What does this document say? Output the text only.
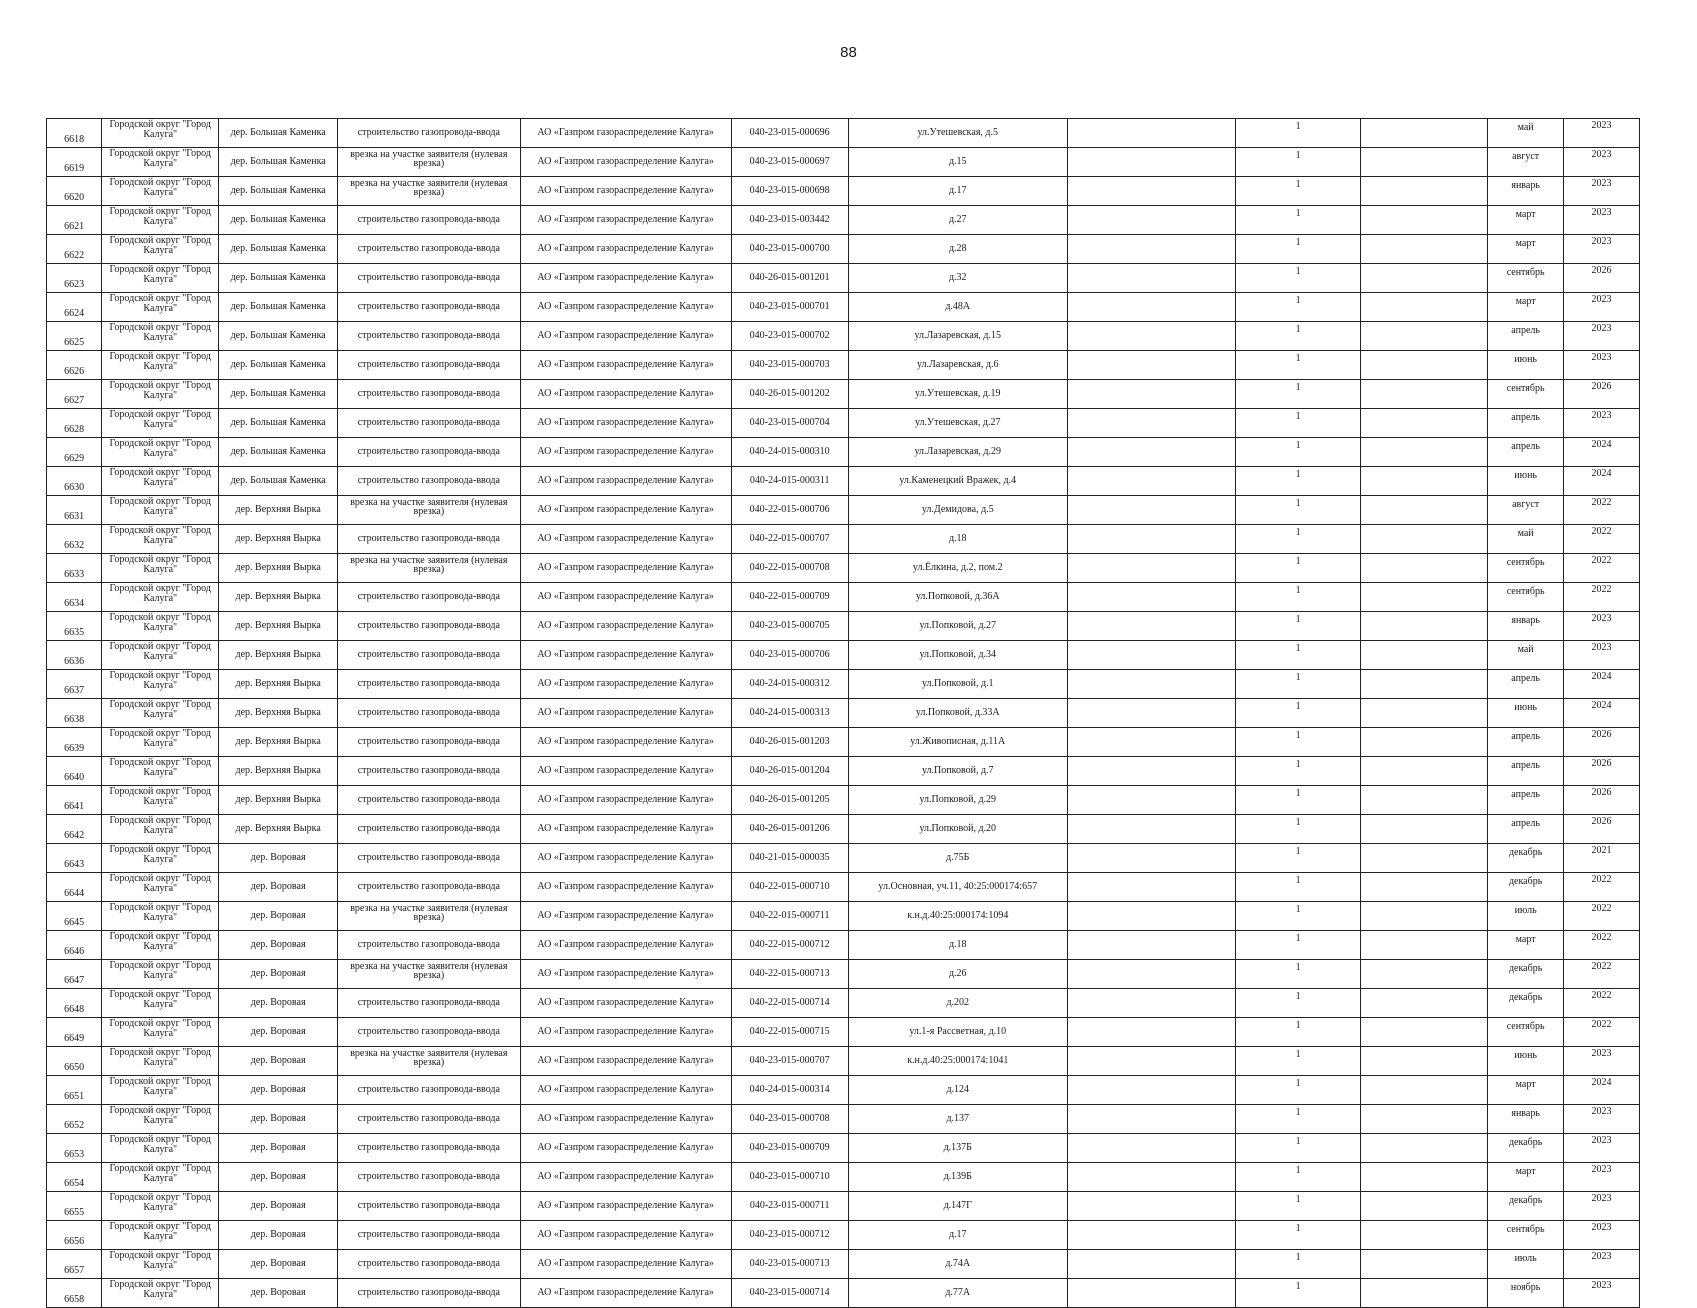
88
6618	Городской округ "Город Калуга"	дер. Большая Каменка	строительство газопровода-ввода	АО «Газпром газораспределение Калуга»	040-23-015-000696	ул.Утешевская, д.5		1		май	2023
6619	Городской округ "Город Калуга"	дер. Большая Каменка	врезка на участке заявителя (нулевая врезка)	АО «Газпром газораспределение Калуга»	040-23-015-000697	д.15		1		август	2023
6620	Городской округ "Город Калуга"	дер. Большая Каменка	врезка на участке заявителя (нулевая врезка)	АО «Газпром газораспределение Калуга»	040-23-015-000698	д.17		1		январь	2023
6621	Городской округ "Город Калуга"	дер. Большая Каменка	строительство газопровода-ввода	АО «Газпром газораспределение Калуга»	040-23-015-003442	д.27		1		март	2023
6622	Городской округ "Город Калуга"	дер. Большая Каменка	строительство газопровода-ввода	АО «Газпром газораспределение Калуга»	040-23-015-000700	д.28		1		март	2023
6623	Городской округ "Город Калуга"	дер. Большая Каменка	строительство газопровода-ввода	АО «Газпром газораспределение Калуга»	040-26-015-001201	д.32		1		сентябрь	2026
6624	Городской округ "Город Калуга"	дер. Большая Каменка	строительство газопровода-ввода	АО «Газпром газораспределение Калуга»	040-23-015-000701	д.48А		1		март	2023
6625	Городской округ "Город Калуга"	дер. Большая Каменка	строительство газопровода-ввода	АО «Газпром газораспределение Калуга»	040-23-015-000702	ул.Лазаревская, д.15		1		апрель	2023
6626	Городской округ "Город Калуга"	дер. Большая Каменка	строительство газопровода-ввода	АО «Газпром газораспределение Калуга»	040-23-015-000703	ул.Лазаревская, д.6		1		июнь	2023
6627	Городской округ "Город Калуга"	дер. Большая Каменка	строительство газопровода-ввода	АО «Газпром газораспределение Калуга»	040-26-015-001202	ул.Утешевская, д.19		1		сентябрь	2026
6628	Городской округ "Город Калуга"	дер. Большая Каменка	строительство газопровода-ввода	АО «Газпром газораспределение Калуга»	040-23-015-000704	ул.Утешевская, д.27		1		апрель	2023
6629	Городской округ "Город Калуга"	дер. Большая Каменка	строительство газопровода-ввода	АО «Газпром газораспределение Калуга»	040-24-015-000310	ул.Лазаревская, д.29		1		апрель	2024
6630	Городской округ "Город Калуга"	дер. Большая Каменка	строительство газопровода-ввода	АО «Газпром газораспределение Калуга»	040-24-015-000311	ул.Каменецкий Вражек, д.4		1		июнь	2024
6631	Городской округ "Город Калуга"	дер. Верхняя Вырка	врезка на участке заявителя (нулевая врезка)	АО «Газпром газораспределение Калуга»	040-22-015-000706	ул.Демидова, д.5		1		август	2022
6632	Городской округ "Город Калуга"	дер. Верхняя Вырка	строительство газопровода-ввода	АО «Газпром газораспределение Калуга»	040-22-015-000707	д.18		1		май	2022
6633	Городской округ "Город Калуга"	дер. Верхняя Вырка	врезка на участке заявителя (нулевая врезка)	АО «Газпром газораспределение Калуга»	040-22-015-000708	ул.Ёлкина, д.2, пом.2		1		сентябрь	2022
6634	Городской округ "Город Калуга"	дер. Верхняя Вырка	строительство газопровода-ввода	АО «Газпром газораспределение Калуга»	040-22-015-000709	ул.Попковой, д.36А		1		сентябрь	2022
6635	Городской округ "Город Калуга"	дер. Верхняя Вырка	строительство газопровода-ввода	АО «Газпром газораспределение Калуга»	040-23-015-000705	ул.Попковой, д.27		1		январь	2023
6636	Городской округ "Город Калуга"	дер. Верхняя Вырка	строительство газопровода-ввода	АО «Газпром газораспределение Калуга»	040-23-015-000706	ул.Попковой, д.34		1		май	2023
6637	Городской округ "Город Калуга"	дер. Верхняя Вырка	строительство газопровода-ввода	АО «Газпром газораспределение Калуга»	040-24-015-000312	ул.Попковой, д.1		1		апрель	2024
6638	Городской округ "Город Калуга"	дер. Верхняя Вырка	строительство газопровода-ввода	АО «Газпром газораспределение Калуга»	040-24-015-000313	ул.Попковой, д.33А		1		июнь	2024
6639	Городской округ "Город Калуга"	дер. Верхняя Вырка	строительство газопровода-ввода	АО «Газпром газораспределение Калуга»	040-26-015-001203	ул.Живописная, д.11А		1		апрель	2026
6640	Городской округ "Город Калуга"	дер. Верхняя Вырка	строительство газопровода-ввода	АО «Газпром газораспределение Калуга»	040-26-015-001204	ул.Попковой, д.7		1		апрель	2026
6641	Городской округ "Город Калуга"	дер. Верхняя Вырка	строительство газопровода-ввода	АО «Газпром газораспределение Калуга»	040-26-015-001205	ул.Попковой, д.29		1		апрель	2026
6642	Городской округ "Город Калуга"	дер. Верхняя Вырка	строительство газопровода-ввода	АО «Газпром газораспределение Калуга»	040-26-015-001206	ул.Попковой, д.20		1		апрель	2026
6643	Городской округ "Город Калуга"	дер. Воровая	строительство газопровода-ввода	АО «Газпром газораспределение Калуга»	040-21-015-000035	д.75Б		1		декабрь	2021
6644	Городской округ "Город Калуга"	дер. Воровая	строительство газопровода-ввода	АО «Газпром газораспределение Калуга»	040-22-015-000710	ул.Основная, уч.11, 40:25:000174:657		1		декабрь	2022
6645	Городской округ "Город Калуга"	дер. Воровая	врезка на участке заявителя (нулевая врезка)	АО «Газпром газораспределение Калуга»	040-22-015-000711	к.н.д.40:25:000174:1094		1		июль	2022
6646	Городской округ "Город Калуга"	дер. Воровая	строительство газопровода-ввода	АО «Газпром газораспределение Калуга»	040-22-015-000712	д.18		1		март	2022
6647	Городской округ "Город Калуга"	дер. Воровая	врезка на участке заявителя (нулевая врезка)	АО «Газпром газораспределение Калуга»	040-22-015-000713	д.26		1		декабрь	2022
6648	Городской округ "Город Калуга"	дер. Воровая	строительство газопровода-ввода	АО «Газпром газораспределение Калуга»	040-22-015-000714	д.202		1		декабрь	2022
6649	Городской округ "Город Калуга"	дер. Воровая	строительство газопровода-ввода	АО «Газпром газораспределение Калуга»	040-22-015-000715	ул.1-я Рассветная, д.10		1		сентябрь	2022
6650	Городской округ "Город Калуга"	дер. Воровая	врезка на участке заявителя (нулевая врезка)	АО «Газпром газораспределение Калуга»	040-23-015-000707	к.н.д.40:25:000174:1041		1		июнь	2023
6651	Городской округ "Город Калуга"	дер. Воровая	строительство газопровода-ввода	АО «Газпром газораспределение Калуга»	040-24-015-000314	д.124		1		март	2024
6652	Городской округ "Город Калуга"	дер. Воровая	строительство газопровода-ввода	АО «Газпром газораспределение Калуга»	040-23-015-000708	д.137		1		январь	2023
6653	Городской округ "Город Калуга"	дер. Воровая	строительство газопровода-ввода	АО «Газпром газораспределение Калуга»	040-23-015-000709	д.137Б		1		декабрь	2023
6654	Городской округ "Город Калуга"	дер. Воровая	строительство газопровода-ввода	АО «Газпром газораспределение Калуга»	040-23-015-000710	д.139Б		1		март	2023
6655	Городской округ "Город Калуга"	дер. Воровая	строительство газопровода-ввода	АО «Газпром газораспределение Калуга»	040-23-015-000711	д.147Г		1		декабрь	2023
6656	Городской округ "Город Калуга"	дер. Воровая	строительство газопровода-ввода	АО «Газпром газораспределение Калуга»	040-23-015-000712	д.17		1		сентябрь	2023
6657	Городской округ "Город Калуга"	дер. Воровая	строительство газопровода-ввода	АО «Газпром газораспределение Калуга»	040-23-015-000713	д.74А		1		июль	2023
6658	Городской округ "Город Калуга"	дер. Воровая	строительство газопровода-ввода	АО «Газпром газораспределение Калуга»	040-23-015-000714	д.77А		1		ноябрь	2023
